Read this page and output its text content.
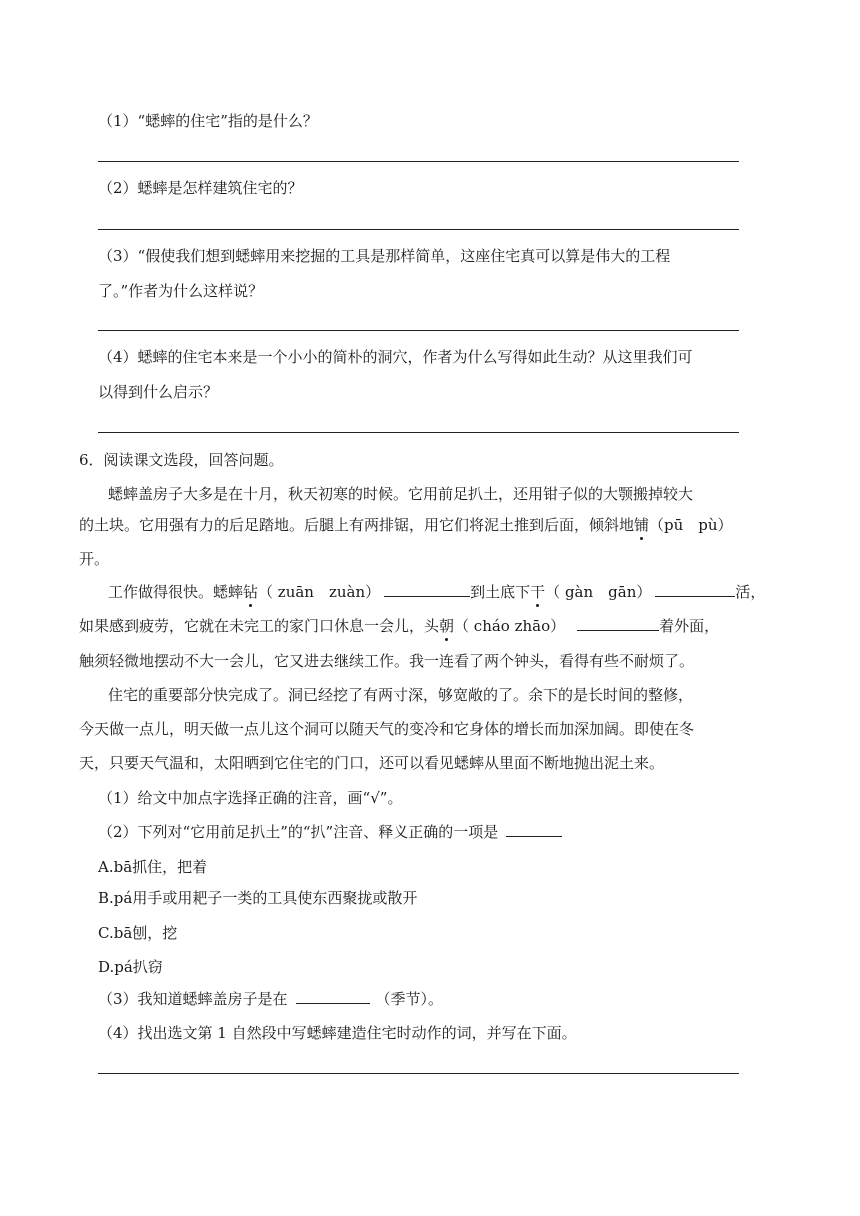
（1）“蟋蟀的住宅”指的是什么？
（2）蟋蟀是怎样建筑住宅的？
（3）“假使我们想到蟋蟀用来挖掘的工具是那样简单，这座住宅真可以算是伟大的工程
了。”作者为什么这样说？
（4）蟋蟀的住宅本来是一个小小的简朴的洞穴，作者为什么写得如此生动？从这里我们可
以得到什么启示？
6．阅读课文选段，回答问题。
蟋蟀盖房子大多是在十月，秋天初寒的时候。它用前足扒土，还用钳子似的大颚搬掉较大
的土块。它用强有力的后足踏地。后腿上有两排锯，用它们将泥土推到后面，倾斜地铺（pū　pù）
开。
工作做得很快。蟋蟀钻（ zuān　zuàn）	到土底下干（ gàn　gān）	活，
如果感到疲劳，它就在未完工的家门口休息一会儿，头朝（ cháo zhāo）	着外面，
触须轻微地摆动不大一会儿，它又进去继续工作。我一连看了两个钟头，看得有些不耐烦了。
住宅的重要部分快完成了。洞已经挖了有两寸深，够宽敞的了。余下的是长时间的整修，
今天做一点儿，明天做一点儿这个洞可以随天气的变冷和它身体的增长而加深加阔。即使在冬
天，只要天气温和，太阳晒到它住宅的门口，还可以看见蟋蟀从里面不断地抛出泥土来。
（1）给文中加点字选择正确的注音，画“√”。
（2）下列对“它用前足扒土”的“扒”注音、释义正确的一项是
A.bā抓住，把着
B.pá用手或用耙子一类的工具使东西聚拢或散开
C.bā刨，挖
D.pá扒窃
（3）我知道蟋蟀盖房子是在	（季节）。
（4）找出选文第 1 自然段中写蟋蟀建造住宅时动作的词，并写在下面。
